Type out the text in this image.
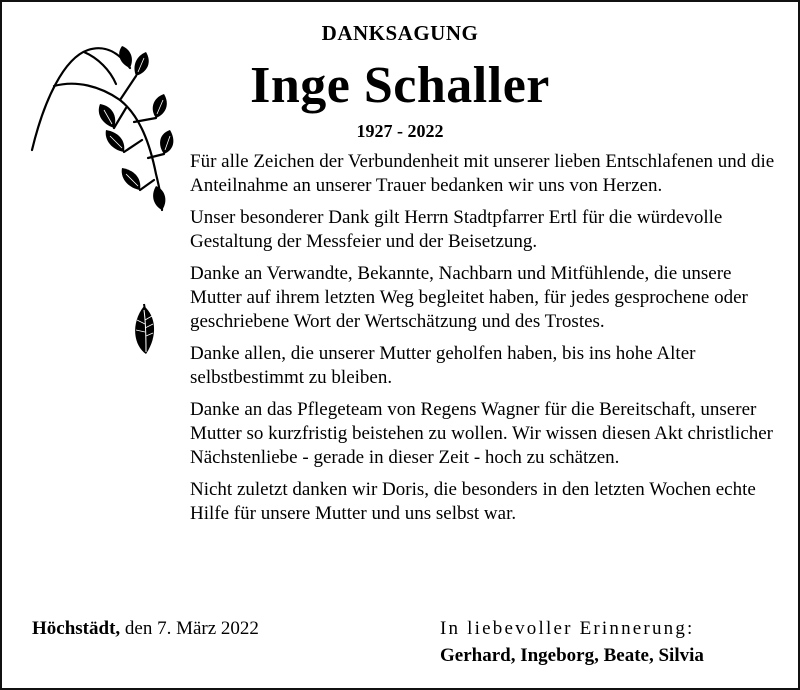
DANKSAGUNG
Inge Schaller
1927 - 2022

Für alle Zeichen der Verbundenheit mit unserer lieben Entschlafenen und die Anteilnahme an unserer Trauer bedanken wir uns von Herzen.

Unser besonderer Dank gilt Herrn Stadtpfarrer Ertl für die würdevolle Gestaltung der Messfeier und der Beisetzung.

Danke an Verwandte, Bekannte, Nachbarn und Mitfühlende, die unsere Mutter auf ihrem letzten Weg begleitet haben, für jedes gesprochene oder geschriebene Wort der Wertschätzung und des Trostes.

Danke allen, die unserer Mutter geholfen haben, bis ins hohe Alter selbstbestimmt zu bleiben.

Danke an das Pflegeteam von Regens Wagner für die Bereitschaft, unserer Mutter so kurzfristig beistehen zu wollen. Wir wissen diesen Akt christlicher Nächstenliebe - gerade in dieser Zeit - hoch zu schätzen.

Nicht zuletzt danken wir Doris, die besonders in den letzten Wochen echte Hilfe für unsere Mutter und uns selbst war.

Höchstädt, den 7. März 2022	In liebevoller Erinnerung:
Gerhard, Ingeborg, Beate, Silvia
